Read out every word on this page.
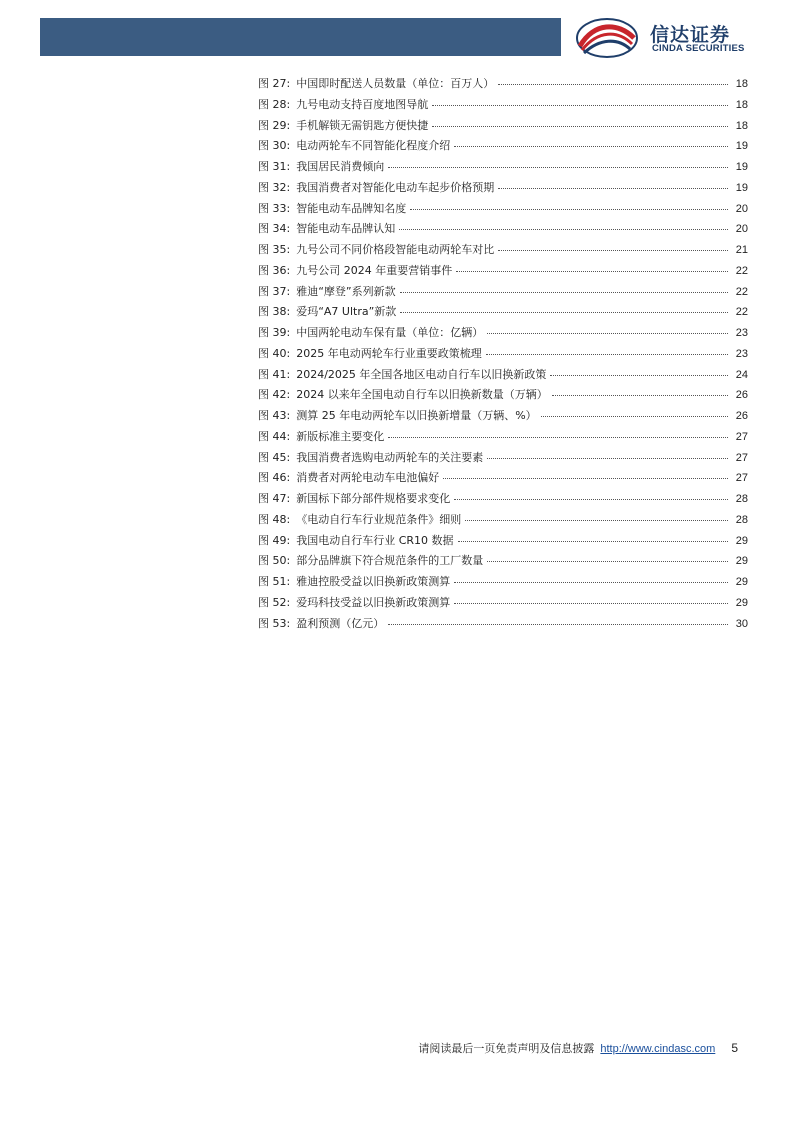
信达证券
CINDA SECURITIES
图 27: 中国即时配送人员数量（单位：百万人）	18
图 28: 九号电动支持百度地图导航	18
图 29: 手机解锁无需钥匙方便快捷	18
图 30: 电动两轮车不同智能化程度介绍	19
图 31: 我国居民消费倾向	19
图 32: 我国消费者对智能化电动车起步价格预期	19
图 33: 智能电动车品牌知名度	20
图 34: 智能电动车品牌认知	20
图 35: 九号公司不同价格段智能电动两轮车对比	21
图 36: 九号公司 2024 年重要营销事件	22
图 37: 雅迪“摩登”系列新款	22
图 38: 爱玛“A7 Ultra”新款	22
图 39: 中国两轮电动车保有量（单位：亿辆）	23
图 40: 2025 年电动两轮车行业重要政策梳理	23
图 41: 2024/2025 年全国各地区电动自行车以旧换新政策	24
图 42: 2024 以来年全国电动自行车以旧换新数量（万辆）	26
图 43: 测算 25 年电动两轮车以旧换新增量（万辆、%）	26
图 44: 新版标准主要变化	27
图 45: 我国消费者选购电动两轮车的关注要素	27
图 46: 消费者对两轮电动车电池偏好	27
图 47: 新国标下部分部件规格要求变化	28
图 48: 《电动自行车行业规范条件》细则	28
图 49: 我国电动自行车行业 CR10 数据	29
图 50: 部分品牌旗下符合规范条件的工厂数量	29
图 51: 雅迪控股受益以旧换新政策测算	29
图 52: 爱玛科技受益以旧换新政策测算	29
图 53: 盈利预测（亿元）	30
请阅读最后一页免责声明及信息披露 http://www.cindasc.com 5
